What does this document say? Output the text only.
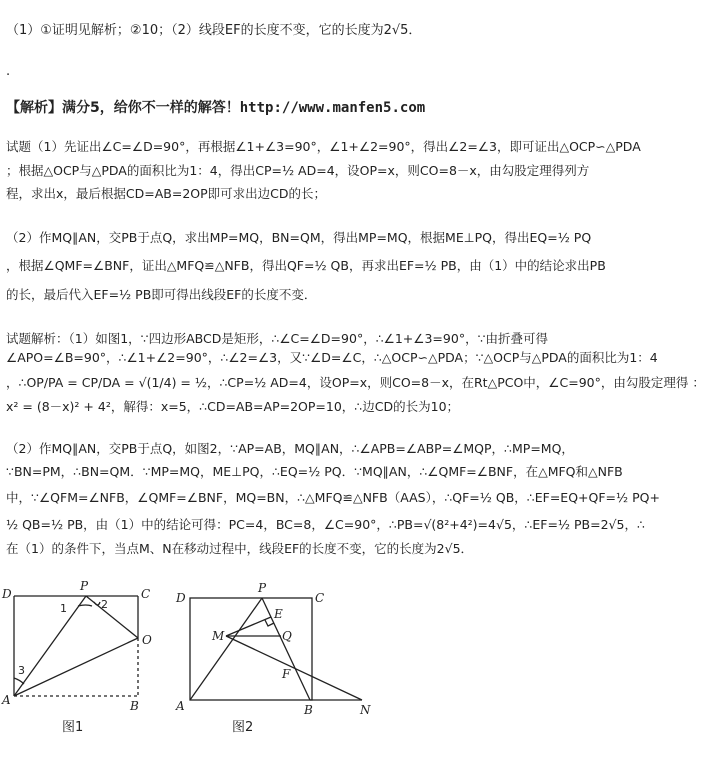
（1）①证明见解析；②10；（2）线段EF的长度不变，它的长度为2√5．
.
【解析】满分5，给你不一样的解答！http://www.manfen5.com
试题（1）先证出∠C=∠D=90°，再根据∠1+∠3=90°，∠1+∠2=90°，得出∠2=∠3，即可证出△OCP∽△PDA
；根据△OCP与△PDA的面积比为1：4，得出CP=½ AD=4，设OP=x，则CO=8－x，由勾股定理得列方
程，求出x，最后根据CD=AB=2OP即可求出边CD的长；
（2）作MQ∥AN，交PB于点Q，求出MP=MQ，BN=QM，得出MP=MQ，根据ME⊥PQ，得出EQ=½ PQ
，根据∠QMF=∠BNF，证出△MFQ≌△NFB，得出QF=½ QB，再求出EF=½ PB，由（1）中的结论求出PB
的长，最后代入EF=½ PB即可得出线段EF的长度不变．
试题解析：（1）如图1，∵四边形ABCD是矩形，∴∠C=∠D=90°，∴∠1+∠3=90°，∵由折叠可得
∠APO=∠B=90°，∴∠1+∠2=90°，∴∠2=∠3，又∵∠D=∠C，∴△OCP∽△PDA；∵△OCP与△PDA的面积比为1：4
，∴OP/PA = CP/DA = √(1/4) = ½，∴CP=½ AD=4，设OP=x，则CO=8－x，在Rt△PCO中，∠C=90°，由勾股定理得 ：
x² = (8－x)² + 4²，解得：x=5，∴CD=AB=AP=2OP=10，∴边CD的长为10；
（2）作MQ∥AN，交PB于点Q，如图2，∵AP=AB，MQ∥AN，∴∠APB=∠ABP=∠MQP，∴MP=MQ，
∵BN=PM，∴BN=QM．∵MP=MQ，ME⊥PQ，∴EQ=½ PQ．∵MQ∥AN，∴∠QMF=∠BNF，在△MFQ和△NFB
中，∵∠QFM=∠NFB，∠QMF=∠BNF，MQ=BN，∴△MFQ≌△NFB（AAS），∴QF=½ QB，∴EF=EQ+QF=½ PQ+
½ QB=½ PB，由（1）中的结论可得：PC=4，BC=8，∠C=90°，∴PB=√(8²+4²)=4√5，∴EF=½ PB=2√5，∴
在（1）的条件下，当点M、N在移动过程中，线段EF的长度不变，它的长度为2√5．
D
P
C
O
A	B
1	2
3
图1
D
P
C
E
M	Q
F
A	B	N
图2
